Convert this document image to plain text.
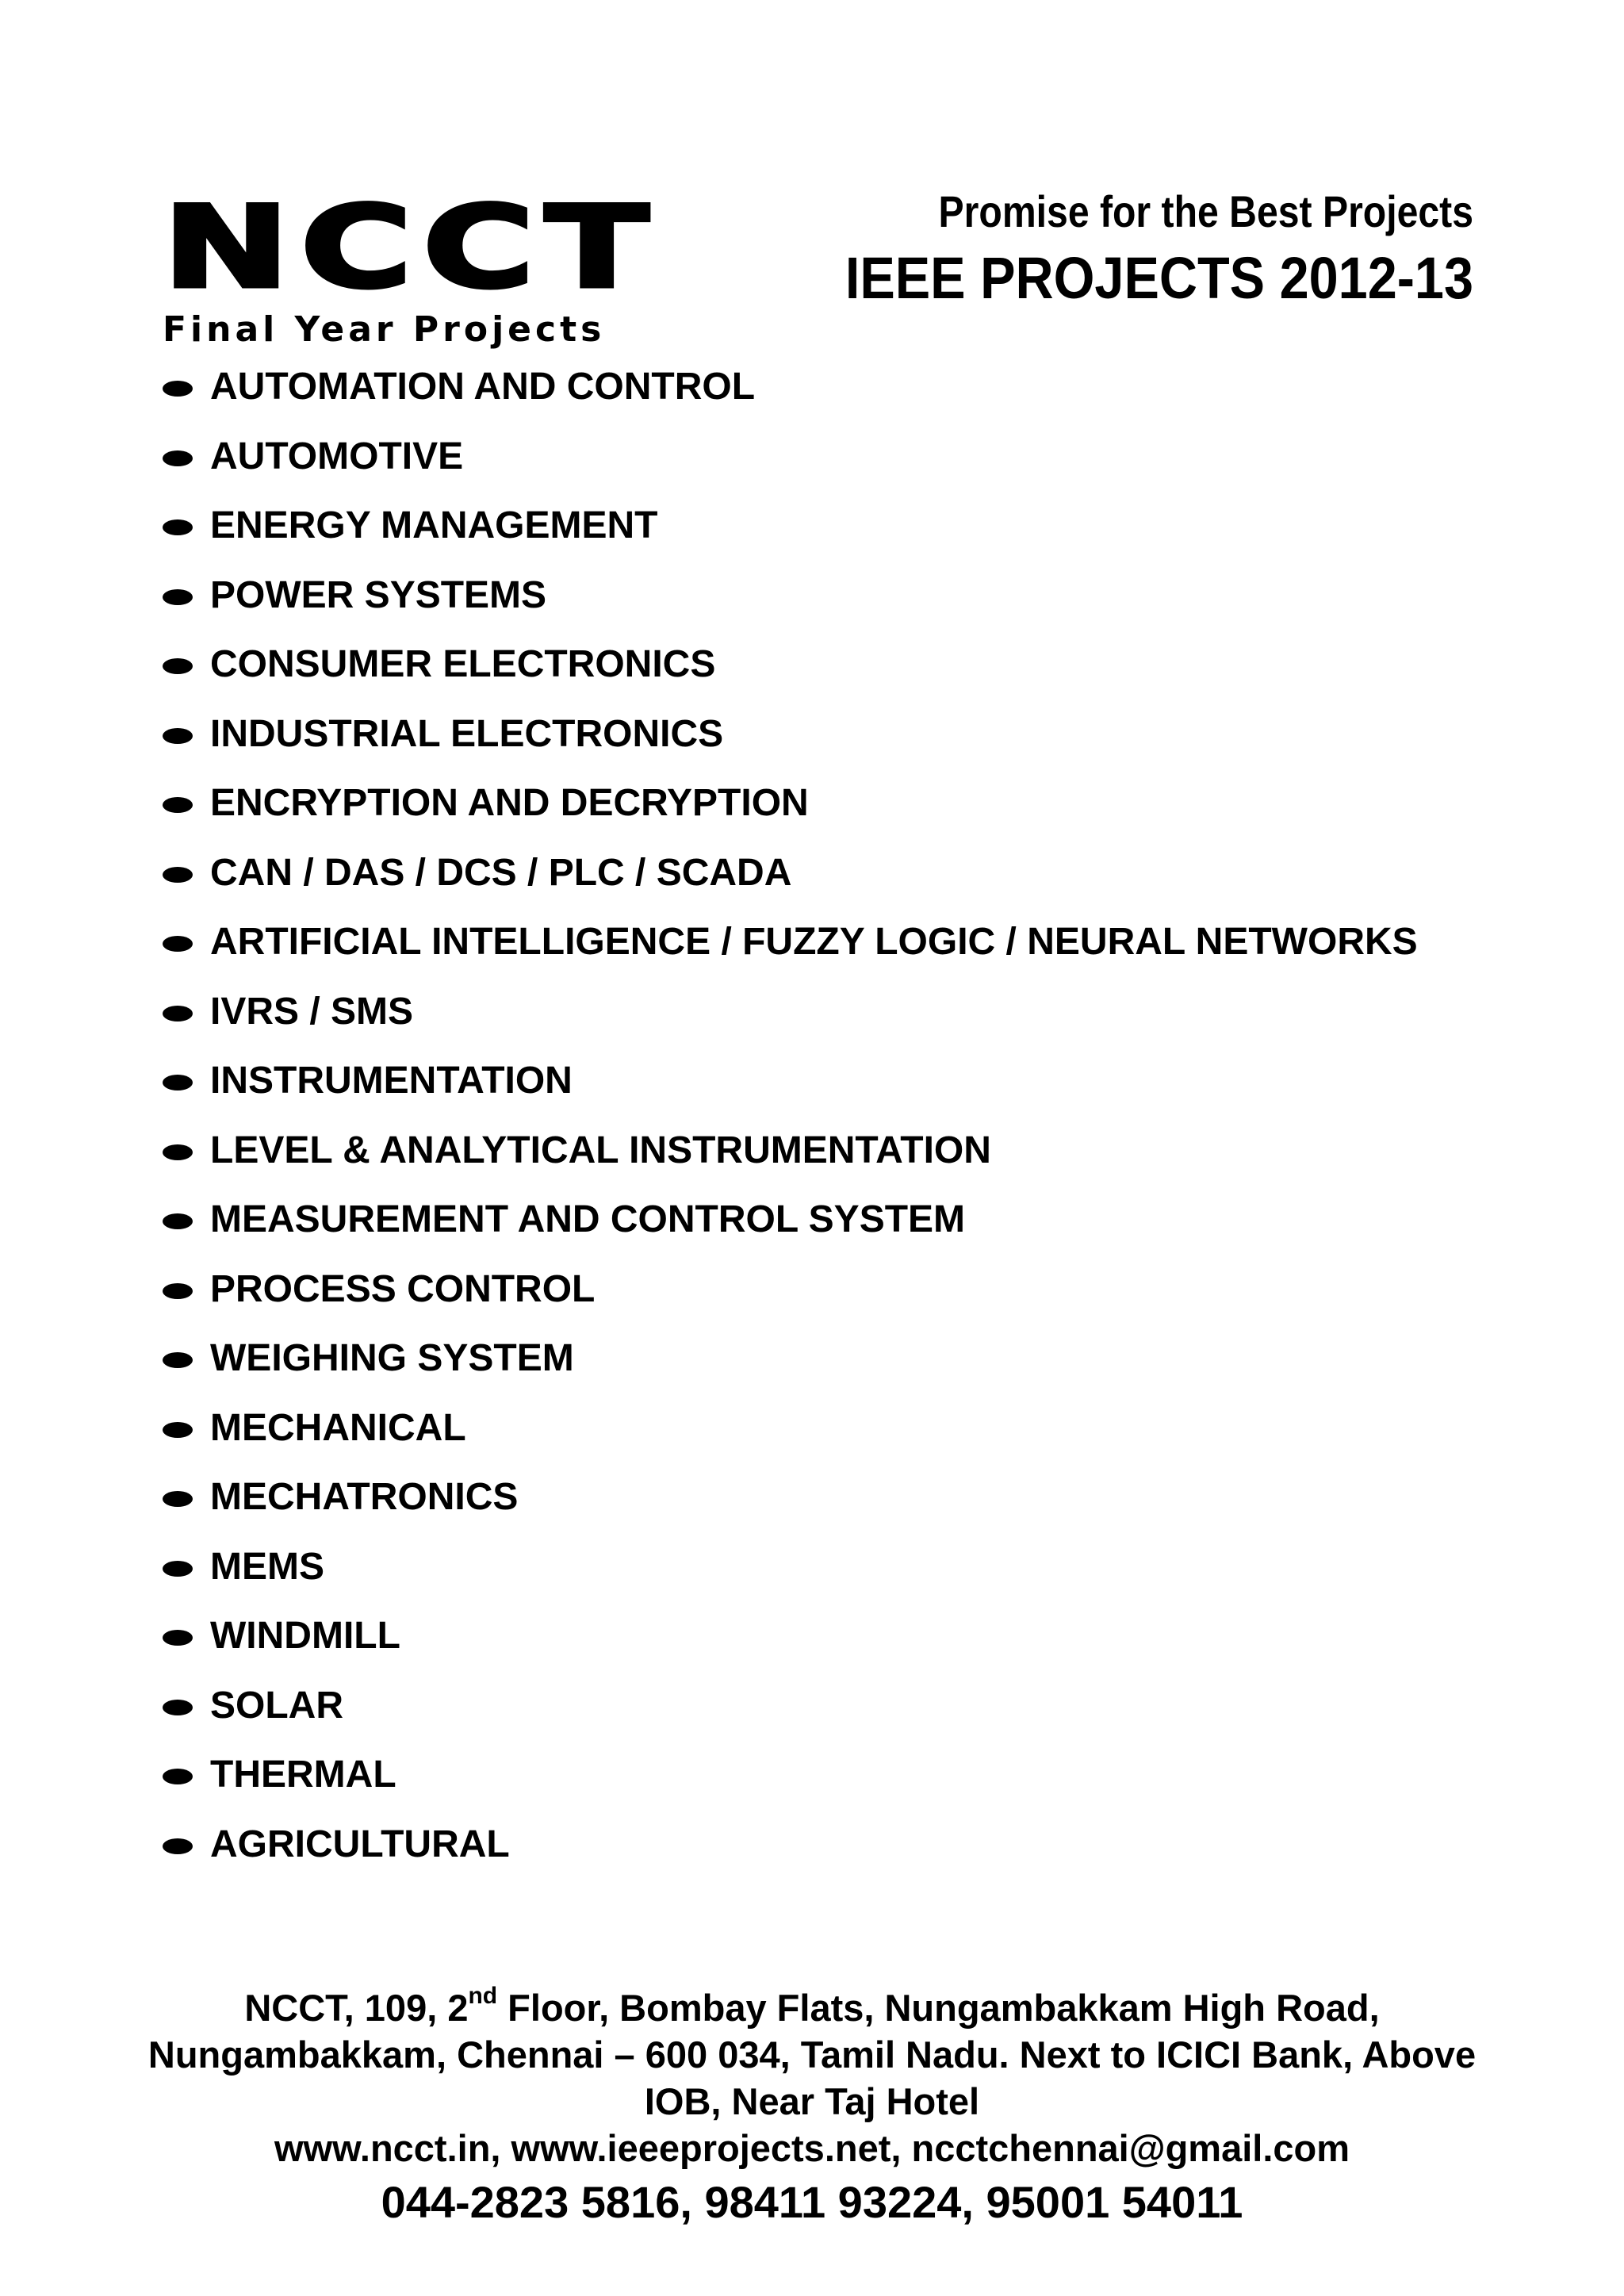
NCCT
Final Year Projects
Promise for the Best Projects
IEEE PROJECTS 2012-13
AUTOMATION AND CONTROL
AUTOMOTIVE
ENERGY MANAGEMENT
POWER SYSTEMS
CONSUMER ELECTRONICS
INDUSTRIAL ELECTRONICS
ENCRYPTION AND DECRYPTION
CAN / DAS / DCS / PLC / SCADA
ARTIFICIAL INTELLIGENCE / FUZZY LOGIC / NEURAL NETWORKS
IVRS / SMS
INSTRUMENTATION
LEVEL & ANALYTICAL INSTRUMENTATION
MEASUREMENT AND CONTROL SYSTEM
PROCESS CONTROL
WEIGHING SYSTEM
MECHANICAL
MECHATRONICS
MEMS
WINDMILL
SOLAR
THERMAL
AGRICULTURAL
NCCT, 109, 2nd Floor, Bombay Flats, Nungambakkam High Road, Nungambakkam, Chennai – 600 034, Tamil Nadu. Next to ICICI Bank, Above IOB, Near Taj Hotel
www.ncct.in, www.ieeeprojects.net, ncctchennai@gmail.com
044-2823 5816, 98411 93224, 95001 54011
